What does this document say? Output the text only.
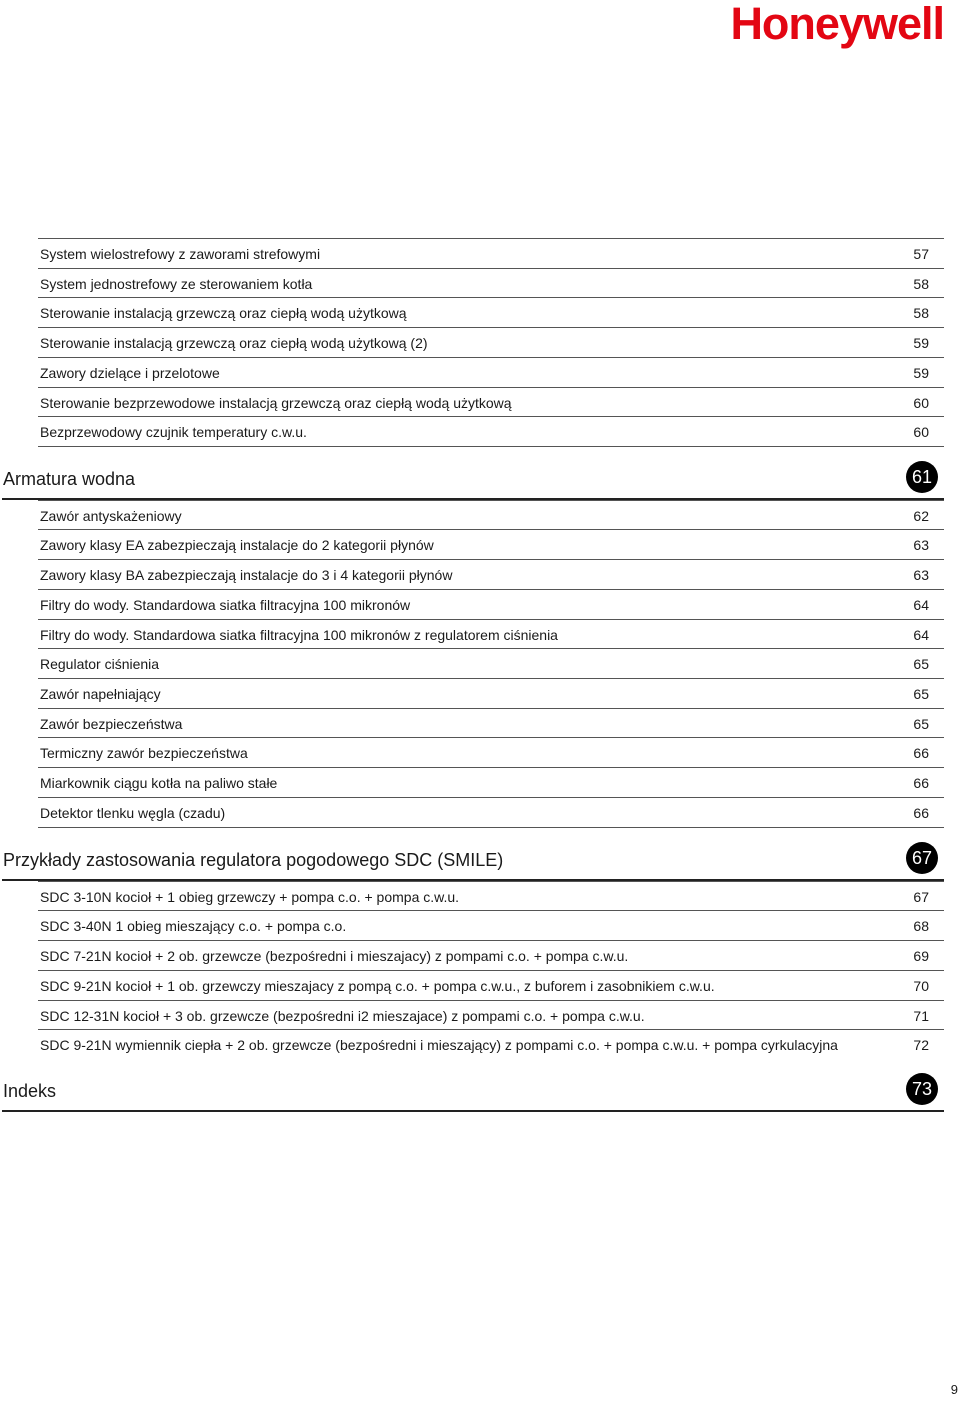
Honeywell
System wielostrefowy z zaworami strefowymi	57
System jednostrefowy ze sterowaniem kotła	58
Sterowanie instalacją grzewczą oraz ciepłą wodą użytkową	58
Sterowanie instalacją grzewczą oraz ciepłą wodą użytkową (2)	59
Zawory dzielące i przelotowe	59
Sterowanie bezprzewodowe instalacją grzewczą oraz ciepłą wodą użytkową	60
Bezprzewodowy czujnik temperatury c.w.u.	60
Armatura wodna	61
Zawór antyskażeniowy	62
Zawory klasy EA zabezpieczają instalacje do 2 kategorii płynów	63
Zawory klasy BA zabezpieczają instalacje do 3 i 4 kategorii płynów	63
Filtry do wody. Standardowa siatka filtracyjna 100 mikronów	64
Filtry do wody. Standardowa siatka filtracyjna 100 mikronów z regulatorem ciśnienia	64
Regulator ciśnienia	65
Zawór napełniający	65
Zawór bezpieczeństwa	65
Termiczny zawór bezpieczeństwa	66
Miarkownik ciągu kotła na paliwo stałe	66
Detektor tlenku węgla (czadu)	66
Przykłady zastosowania regulatora pogodowego SDC (SMILE)	67
SDC 3-10N kocioł + 1 obieg grzewczy + pompa c.o. + pompa c.w.u.	67
SDC 3-40N 1 obieg mieszający c.o. + pompa c.o.	68
SDC 7-21N kocioł + 2 ob. grzewcze (bezpośredni i mieszajacy) z pompami c.o. + pompa c.w.u.	69
SDC 9-21N kocioł + 1 ob. grzewczy mieszajacy z pompą c.o. + pompa c.w.u., z buforem i zasobnikiem c.w.u.	70
SDC 12-31N kocioł + 3 ob. grzewcze (bezpośredni i2 mieszajace) z pompami c.o. + pompa c.w.u.	71
SDC 9-21N wymiennik ciepła + 2 ob. grzewcze (bezpośredni i mieszający) z pompami c.o. + pompa c.w.u. + pompa cyrkulacyjna	72
Indeks	73
9
